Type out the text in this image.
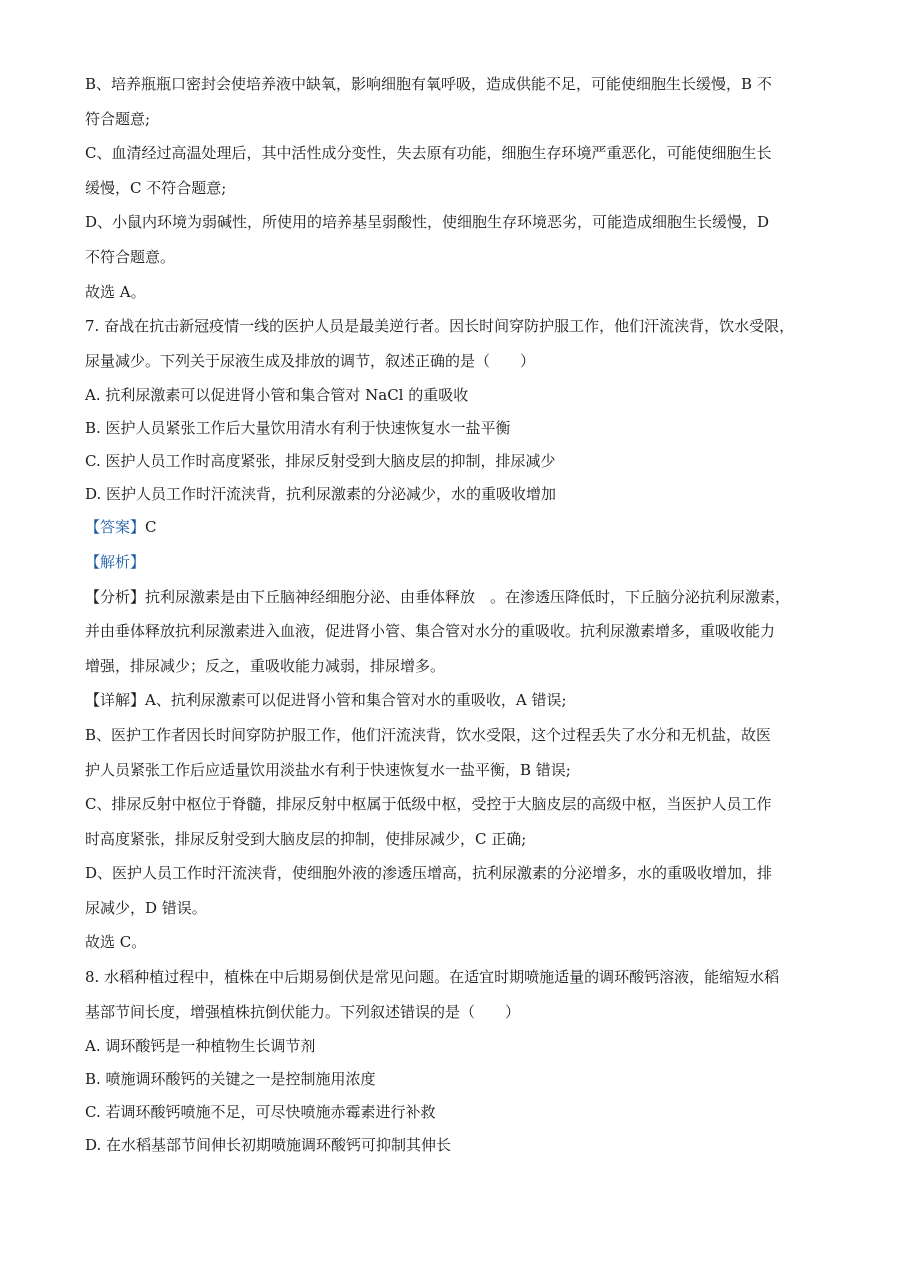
B、培养瓶瓶口密封会使培养液中缺氧，影响细胞有氧呼吸，造成供能不足，可能使细胞生长缓慢，B 不
符合题意;
C、血清经过高温处理后，其中活性成分变性，失去原有功能，细胞生存环境严重恶化，可能使细胞生长
缓慢，C 不符合题意;
D、小鼠内环境为弱碱性，所使用的培养基呈弱酸性，使细胞生存环境恶劣，可能造成细胞生长缓慢，D
不符合题意。
故选 A。
7. 奋战在抗击新冠疫情一线的医护人员是最美逆行者。因长时间穿防护服工作，他们汗流浃背，饮水受限，
尿量减少。下列关于尿液生成及排放的调节，叙述正确的是（　　）
A. 抗利尿激素可以促进肾小管和集合管对 NaCl 的重吸收
B. 医护人员紧张工作后大量饮用清水有利于快速恢复水一盐平衡
C. 医护人员工作时高度紧张，排尿反射受到大脑皮层的抑制，排尿减少
D. 医护人员工作时汗流浃背，抗利尿激素的分泌减少，水的重吸收增加
【答案】C
【解析】
【分析】抗利尿激素是由下丘脑神经细胞分泌、由垂体释放　。在渗透压降低时，下丘脑分泌抗利尿激素，
并由垂体释放抗利尿激素进入血液，促进肾小管、集合管对水分的重吸收。抗利尿激素增多，重吸收能力
增强，排尿减少；反之，重吸收能力减弱，排尿增多。
【详解】A、抗利尿激素可以促进肾小管和集合管对水的重吸收，A 错误;
B、医护工作者因长时间穿防护服工作，他们汗流浃背，饮水受限，这个过程丢失了水分和无机盐，故医
护人员紧张工作后应适量饮用淡盐水有利于快速恢复水一盐平衡，B 错误;
C、排尿反射中枢位于脊髓，排尿反射中枢属于低级中枢，受控于大脑皮层的高级中枢，当医护人员工作
时高度紧张，排尿反射受到大脑皮层的抑制，使排尿减少，C 正确;
D、医护人员工作时汗流浃背，使细胞外液的渗透压增高，抗利尿激素的分泌增多，水的重吸收增加，排
尿减少，D 错误。
故选 C。
8. 水稻种植过程中，植株在中后期易倒伏是常见问题。在适宜时期喷施适量的调环酸钙溶液，能缩短水稻
基部节间长度，增强植株抗倒伏能力。下列叙述错误的是（　　）
A. 调环酸钙是一种植物生长调节剂
B. 喷施调环酸钙的关键之一是控制施用浓度
C. 若调环酸钙喷施不足，可尽快喷施赤霉素进行补救
D. 在水稻基部节间伸长初期喷施调环酸钙可抑制其伸长
